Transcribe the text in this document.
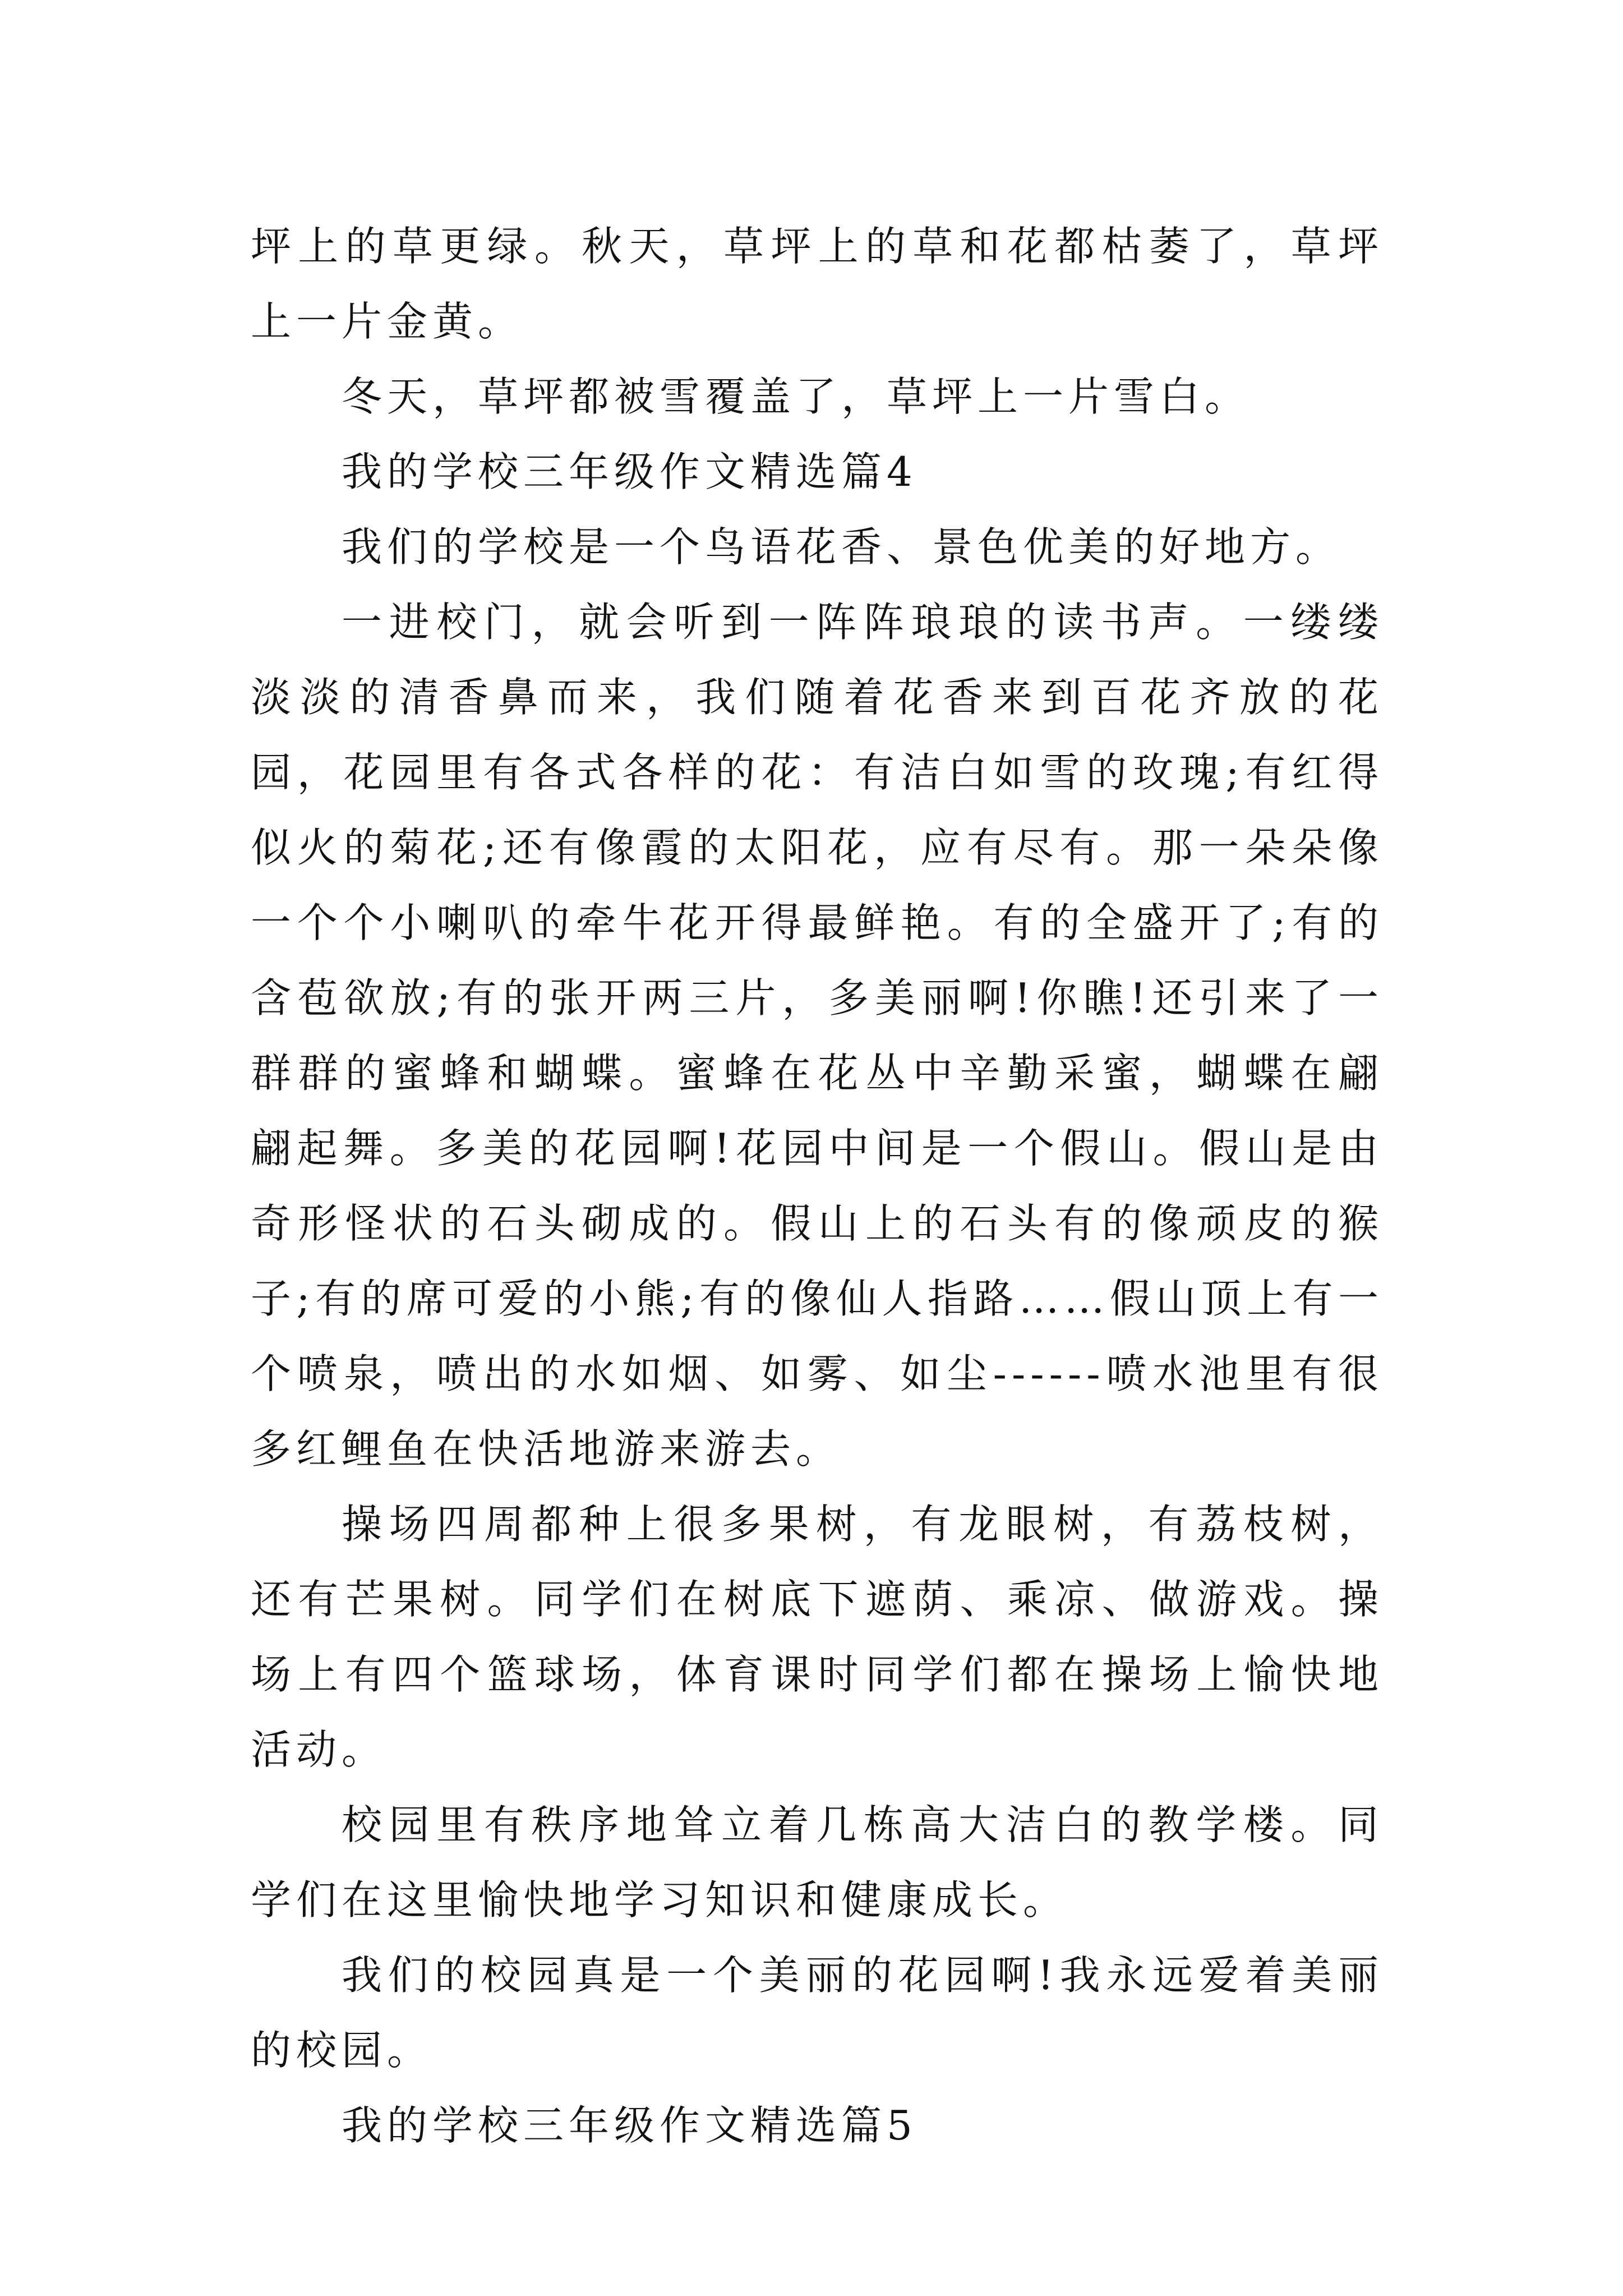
坪上的草更绿。秋天，草坪上的草和花都枯萎了，草坪上一片金黄。

冬天，草坪都被雪覆盖了，草坪上一片雪白。

我的学校三年级作文精选篇4

我们的学校是一个鸟语花香、景色优美的好地方。

一进校门，就会听到一阵阵琅琅的读书声。一缕缕淡淡的清香鼻而来，我们随着花香来到百花齐放的花园，花园里有各式各样的花：有洁白如雪的玫瑰;有红得似火的菊花;还有像霞的太阳花，应有尽有。那一朵朵像一个个小喇叭的牵牛花开得最鲜艳。有的全盛开了;有的含苞欲放;有的张开两三片，多美丽啊!你瞧!还引来了一群群的蜜蜂和蝴蝶。蜜蜂在花丛中辛勤采蜜，蝴蝶在翩翩起舞。多美的花园啊!花园中间是一个假山。假山是由奇形怪状的石头砌成的。假山上的石头有的像顽皮的猴子;有的席可爱的小熊;有的像仙人指路……假山顶上有一个喷泉，喷出的水如烟、如雾、如尘------喷水池里有很多红鲤鱼在快活地游来游去。

操场四周都种上很多果树，有龙眼树，有荔枝树，还有芒果树。同学们在树底下遮荫、乘凉、做游戏。操场上有四个篮球场，体育课时同学们都在操场上愉快地活动。

校园里有秩序地耸立着几栋高大洁白的教学楼。同学们在这里愉快地学习知识和健康成长。

我们的校园真是一个美丽的花园啊!我永远爱着美丽的校园。

我的学校三年级作文精选篇5
